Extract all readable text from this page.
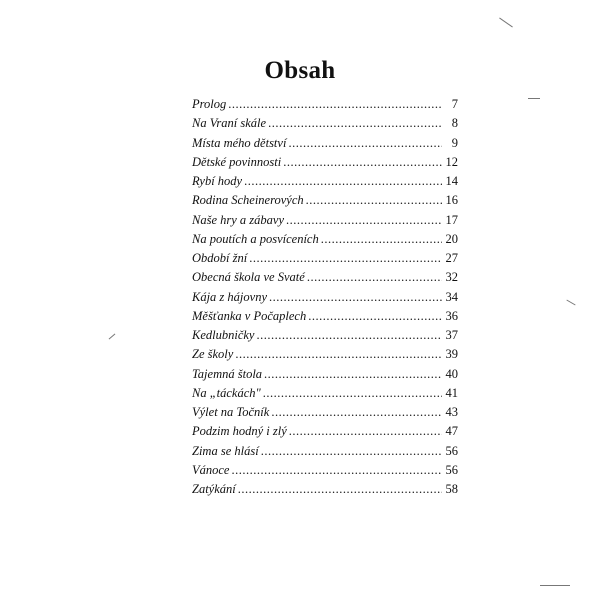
Obsah
Prolog .....	7
Na Vraní skále .....	8
Místa mého dětství .....	9
Dětské povinnosti .....	12
Rybí hody .....	14
Rodina Scheinerových .....	16
Naše hry a zábavy .....	17
Na poutích a posvíceních .....	20
Období žní .....	27
Obecná škola ve Svaté .....	32
Kája z hájovny .....	34
Měšťanka v Počaplech .....	36
Kedlubničky .....	37
Ze školy .....	39
Tajemná štola .....	40
Na „táckách" .....	41
Výlet na Točník .....	43
Podzim hodný i zlý .....	47
Zima se hlásí .....	56
Vánoce .....	56
Zatýkání .....	58
